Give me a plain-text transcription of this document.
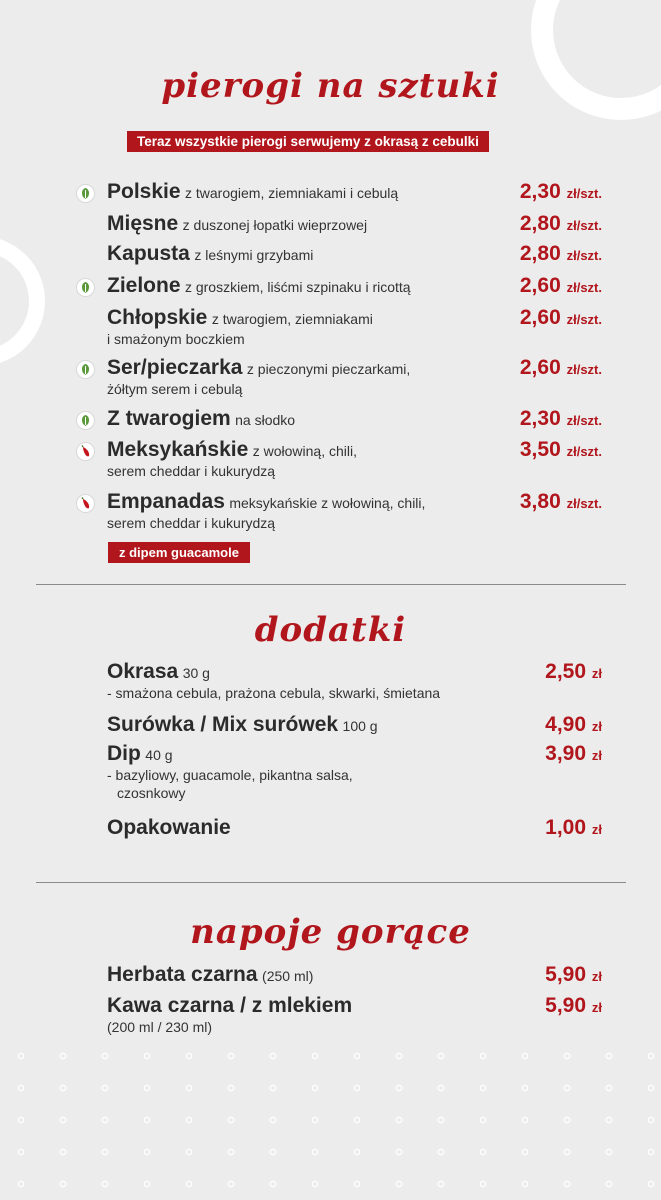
pierogi na sztuki
Teraz wszystkie pierogi serwujemy z okrasą z cebulki
Polskie z twarogiem, ziemniakami i cebulą	2,30 zł/szt.
Mięsne z duszonej łopatki wieprzowej	2,80 zł/szt.
Kapusta z leśnymi grzybami	2,80 zł/szt.
Zielone z groszkiem, liśćmi szpinaku i ricottą	2,60 zł/szt.
Chłopskie z twarogiem, ziemniakami
i smażonym boczkiem
2,60 zł/szt.
Ser/pieczarka z pieczonymi pieczarkami,
żółtym serem i cebulą
2,60 zł/szt.
Z twarogiem na słodko	2,30 zł/szt.
Meksykańskie z wołowiną, chili,
serem cheddar i kukurydzą
3,50 zł/szt.
Empanadas meksykańskie z wołowiną, chili,
serem cheddar i kukurydzą
3,80 zł/szt.
z dipem guacamole
dodatki
Okrasa 30 g
- smażona cebula, prażona cebula, skwarki, śmietana
2,50 zł
Surówka / Mix surówek 100 g	4,90 zł
Dip 40 g
- bazyliowy, guacamole, pikantna salsa,
czosnkowy
3,90 zł
Opakowanie	1,00 zł
napoje gorące
Herbata czarna (250 ml)	5,90 zł
Kawa czarna / z mlekiem
(200 ml / 230 ml)
5,90 zł
